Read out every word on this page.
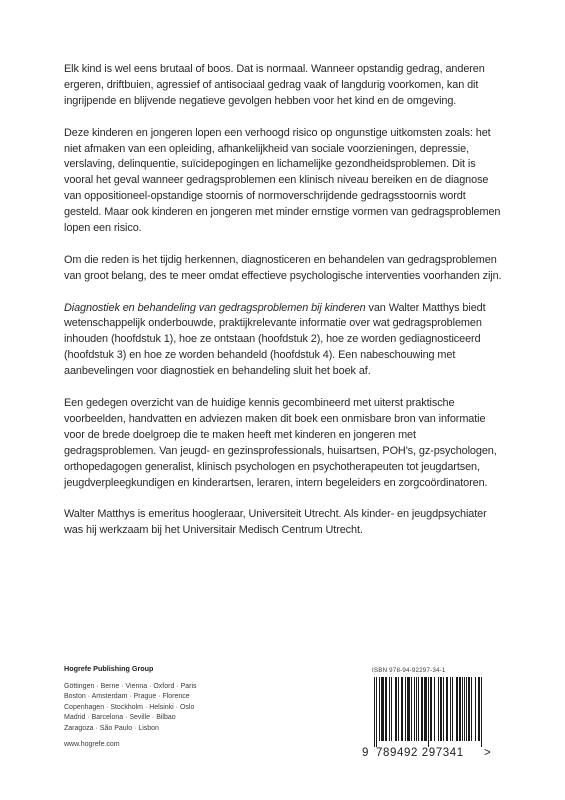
Elk kind is wel eens brutaal of boos. Dat is normaal. Wanneer opstandig gedrag, anderen ergeren, driftbuien, agressief of antisociaal gedrag vaak of langdurig voorkomen, kan dit ingrijpende en blijvende negatieve gevolgen hebben voor het kind en de omgeving.

Deze kinderen en jongeren lopen een verhoogd risico op ongunstige uitkomsten zoals: het niet afmaken van een opleiding, afhankelijkheid van sociale voorzieningen, depressie, verslaving, delinquentie, suïcidepogingen en lichamelijke gezondheidsproblemen. Dit is vooral het geval wanneer gedragsproblemen een klinisch niveau bereiken en de diagnose van oppositioneel-opstandige stoornis of normoverschrijdende gedragsstoornis wordt gesteld. Maar ook kinderen en jongeren met minder ernstige vormen van gedragsproblemen lopen een risico.

Om die reden is het tijdig herkennen, diagnosticeren en behandelen van gedragsproblemen van groot belang, des te meer omdat effectieve psychologische interventies voorhanden zijn.

Diagnostiek en behandeling van gedragsproblemen bij kinderen van Walter Matthys biedt wetenschappelijk onderbouwde, praktijkrelevante informatie over wat gedragsproblemen inhouden (hoofdstuk 1), hoe ze ontstaan (hoofdstuk 2), hoe ze worden gediagnosticeerd (hoofdstuk 3) en hoe ze worden behandeld (hoofdstuk 4). Een nabeschouwing met aanbevelingen voor diagnostiek en behandeling sluit het boek af.

Een gedegen overzicht van de huidige kennis gecombineerd met uiterst praktische voorbeelden, handvatten en adviezen maken dit boek een onmisbare bron van informatie voor de brede doelgroep die te maken heeft met kinderen en jongeren met gedragsproblemen. Van jeugd- en gezinsprofessionals, huisartsen, POH's, gz-psychologen, orthopedagogen generalist, klinisch psychologen en psychotherapeuten tot jeugdartsen, jeugdverpleegkundigen en kinderartsen, leraren, intern begeleiders en zorgcoördinatoren.

Walter Matthys is emeritus hoogleraar, Universiteit Utrecht. Als kinder- en jeugdpsychiater was hij werkzaam bij het Universitair Medisch Centrum Utrecht.

Hogrefe Publishing Group
Göttingen · Berne · Vienna · Oxford · Paris
Boston · Amsterdam · Prague · Florence
Copenhagen · Stockholm · Helsinki · Oslo
Madrid · Barcelona · Seville · Bilbao
Zaragoza · São Paulo · Lisbon
www.hogrefe.com
ISBN 978-94-92297-34-1
9 789492 297341 >
